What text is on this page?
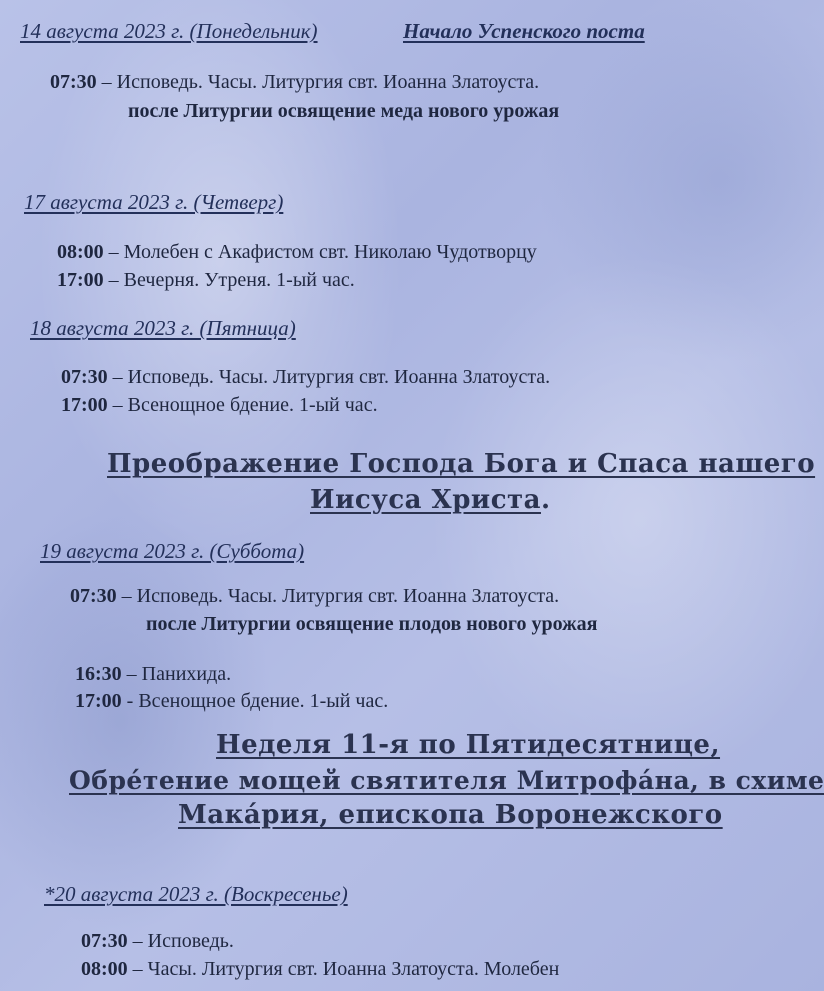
14 августа 2023 г. (Понедельник)	Начало Успенского поста
07:30 – Исповедь. Часы. Литургия свт. Иоанна Златоуста.
после Литургии освящение меда нового урожая
17 августа 2023 г. (Четверг)
08:00 – Молебен с Акафистом свт. Николаю Чудотворцу
17:00 – Вечерня. Утреня. 1-ый час.
18 августа 2023 г. (Пятница)
07:30 – Исповедь. Часы. Литургия свт. Иоанна Златоуста.
17:00 – Всенощное бдение. 1-ый час.
Преображение Господа Бога и Спаса нашего
Иисуса Христа.
19 августа 2023 г. (Суббота)
07:30 – Исповедь. Часы. Литургия свт. Иоанна Златоуста.
после Литургии освящение плодов нового урожая
16:30 – Панихида.
17:00 - Всенощное бдение. 1-ый час.
Неделя 11-я по Пятидесятнице,
Обре́тение мощей святителя Митрофа́на, в схиме
Мака́рия, епископа Воронежского
*20 августа 2023 г. (Воскресенье)
07:30 – Исповедь.
08:00 – Часы. Литургия свт. Иоанна Златоуста. Молебен
